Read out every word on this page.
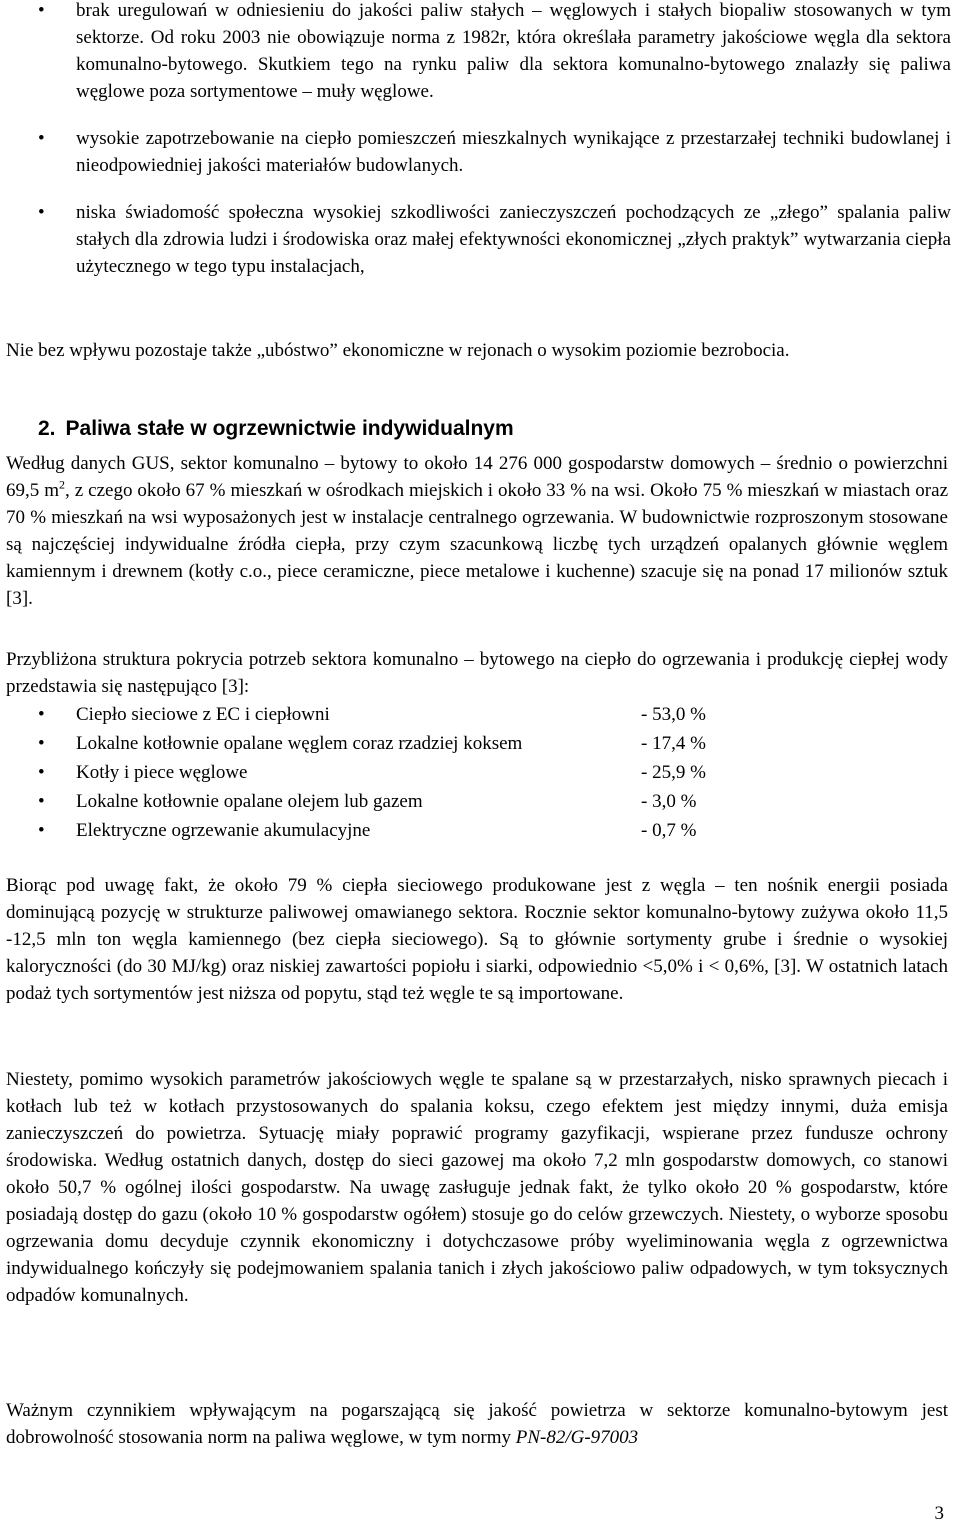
•	brak uregulowań w odniesieniu do jakości paliw stałych – węglowych i stałych biopaliw stosowanych w tym sektorze. Od roku 2003 nie obowiązuje norma z 1982r, która określała parametry jakościowe węgla dla sektora komunalno-bytowego. Skutkiem tego na rynku paliw dla sektora komunalno-bytowego znalazły się paliwa węglowe poza sortymentowe – muły węglowe.
•	wysokie zapotrzebowanie na ciepło pomieszczeń mieszkalnych wynikające z przestarzałej techniki budowlanej i nieodpowiedniej jakości materiałów budowlanych.
•	niska świadomość społeczna wysokiej szkodliwości zanieczyszczeń pochodzących ze „złego” spalania paliw stałych dla zdrowia ludzi i środowiska oraz małej efektywności ekonomicznej „złych praktyk” wytwarzania ciepła użytecznego w tego typu instalacjach,

Nie bez wpływu pozostaje także „ubóstwo” ekonomiczne w rejonach o wysokim poziomie bezrobocia.

2. Paliwa stałe w ogrzewnictwie indywidualnym

Według danych GUS, sektor komunalno – bytowy to około 14 276 000 gospodarstw domowych – średnio o powierzchni 69,5 $m^2$, z czego około 67 % mieszkań w ośrodkach miejskich i około 33 % na wsi. Około 75 % mieszkań w miastach oraz 70 % mieszkań na wsi wyposażonych jest w instalacje centralnego ogrzewania. W budownictwie rozproszonym stosowane są najczęściej indywidualne źródła ciepła, przy czym szacunkową liczbę tych urządzeń opalanych głównie węglem kamiennym i drewnem (kotły c.o., piece ceramiczne, piece metalowe i kuchenne) szacuje się na ponad 17 milionów sztuk [3].

Przybliżona struktura pokrycia potrzeb sektora komunalno – bytowego na ciepło do ogrzewania i produkcję ciepłej wody przedstawia się następująco [3]:

•	Ciepło sieciowe z EC i ciepłowni	- 53,0 %
•	Lokalne kotłownie opalane węglem coraz rzadziej koksem	- 17,4 %
•	Kotły i piece węglowe	- 25,9 %
•	Lokalne kotłownie opalane olejem lub gazem	- 3,0 %
•	Elektryczne ogrzewanie akumulacyjne	- 0,7 %

Biorąc pod uwagę fakt, że około 79 % ciepła sieciowego produkowane jest z węgla – ten nośnik energii posiada dominującą pozycję w strukturze paliwowej omawianego sektora. Rocznie sektor komunalno-bytowy zużywa około 11,5 -12,5 mln ton węgla kamiennego (bez ciepła sieciowego). Są to głównie sortymenty grube i średnie o wysokiej kaloryczności (do 30 MJ/kg) oraz niskiej zawartości popiołu i siarki, odpowiednio <5,0% i < 0,6%, [3]. W ostatnich latach podaż tych sortymentów jest niższa od popytu, stąd też węgle te są importowane.

Niestety, pomimo wysokich parametrów jakościowych węgle te spalane są w przestarzałych, nisko sprawnych piecach i kotłach lub też w kotłach przystosowanych do spalania koksu, czego efektem jest między innymi, duża emisja zanieczyszczeń do powietrza. Sytuację miały poprawić programy gazyfikacji, wspierane przez fundusze ochrony środowiska. Według ostatnich danych, dostęp do sieci gazowej ma około 7,2 mln gospodarstw domowych, co stanowi około 50,7 % ogólnej ilości gospodarstw. Na uwagę zasługuje jednak fakt, że tylko około 20 % gospodarstw, które posiadają dostęp do gazu (około 10 % gospodarstw ogółem) stosuje go do celów grzewczych. Niestety, o wyborze sposobu ogrzewania domu decyduje czynnik ekonomiczny i dotychczasowe próby wyeliminowania węgla z ogrzewnictwa indywidualnego kończyły się podejmowaniem spalania tanich i złych jakościowo paliw odpadowych, w tym toksycznych odpadów komunalnych.

Ważnym czynnikiem wpływającym na pogarszającą się jakość powietrza w sektorze komunalno-bytowym jest dobrowolność stosowania norm na paliwa węglowe, w tym normy PN-82/G-97003

3
